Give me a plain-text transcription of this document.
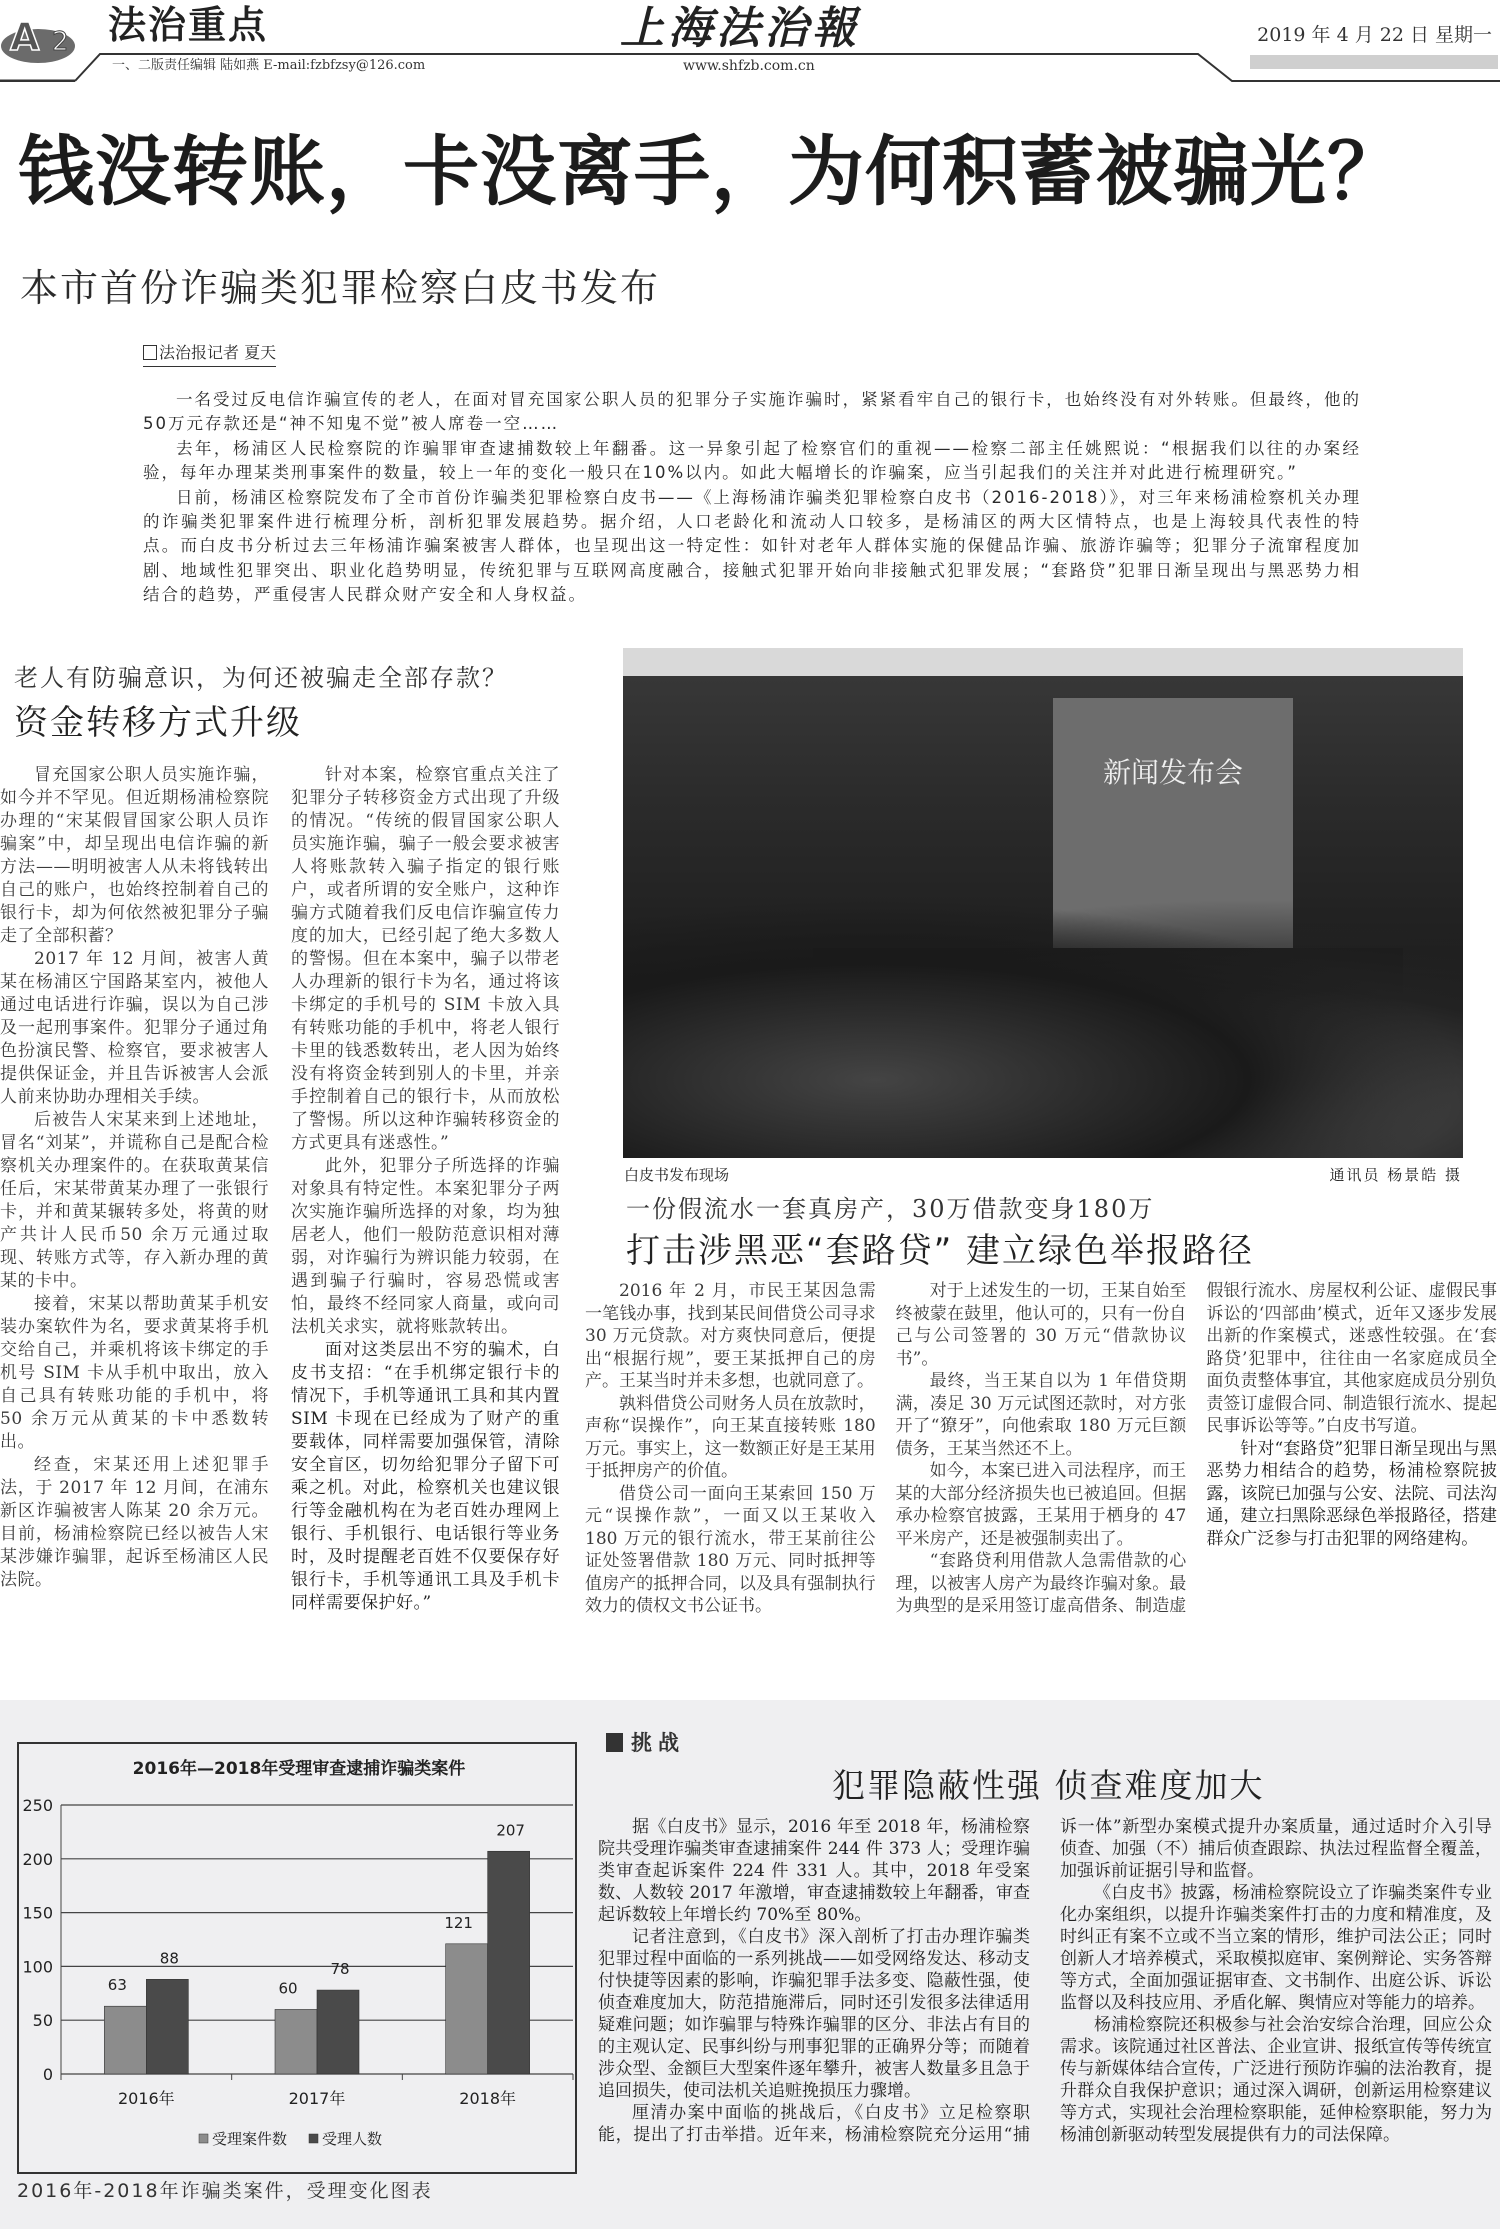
A 2 法治重点	上海法治報	2019 年 4 月 22 日 星期一
一、二版责任编辑 陆如燕 E-mail:fzbfzsy@126.com	www.shfzb.com.cn
钱没转账，卡没离手，为何积蓄被骗光？
本市首份诈骗类犯罪检察白皮书发布
法治报记者 夏天

一名受过反电信诈骗宣传的老人，在面对冒充国家公职人员的犯罪分子实施诈骗时，紧紧看牢自己的银行卡，也始终没有对外转账。但最终，他的50万元存款还是“神不知鬼不觉”被人席卷一空……

去年，杨浦区人民检察院的诈骗罪审查逮捕数较上年翻番。这一异象引起了检察官们的重视——检察二部主任姚熙说：“根据我们以往的办案经验，每年办理某类刑事案件的数量，较上一年的变化一般只在10%以内。如此大幅增长的诈骗案，应当引起我们的关注并对此进行梳理研究。”

日前，杨浦区检察院发布了全市首份诈骗类犯罪检察白皮书——《上海杨浦诈骗类犯罪检察白皮书（2016-2018）》，对三年来杨浦检察机关办理的诈骗类犯罪案件进行梳理分析，剖析犯罪发展趋势。据介绍，人口老龄化和流动人口较多，是杨浦区的两大区情特点，也是上海较具代表性的特点。而白皮书分析过去三年杨浦诈骗案被害人群体，也呈现出这一特定性：如针对老年人群体实施的保健品诈骗、旅游诈骗等；犯罪分子流窜程度加剧、地域性犯罪突出、职业化趋势明显，传统犯罪与互联网高度融合，接触式犯罪开始向非接触式犯罪发展；“套路贷”犯罪日渐呈现出与黑恶势力相结合的趋势，严重侵害人民群众财产安全和人身权益。

老人有防骗意识，为何还被骗走全部存款？
资金转移方式升级

冒充国家公职人员实施诈骗，如今并不罕见。但近期杨浦检察院办理的“宋某假冒国家公职人员诈骗案”中，却呈现出电信诈骗的新方法——明明被害人从未将钱转出自己的账户，也始终控制着自己的银行卡，却为何依然被犯罪分子骗走了全部积蓄？

2017 年 12 月间，被害人黄某在杨浦区宁国路某室内，被他人通过电话进行诈骗，误以为自己涉及一起刑事案件。犯罪分子通过角色扮演民警、检察官，要求被害人提供保证金，并且告诉被害人会派人前来协助办理相关手续。

后被告人宋某来到上述地址，冒名“刘某”，并谎称自己是配合检察机关办理案件的。在获取黄某信任后，宋某带黄某办理了一张银行卡，并和黄某辗转多处，将黄的财产共计人民币50 余万元通过取现、转账方式等，存入新办理的黄某的卡中。

接着，宋某以帮助黄某手机安装办案软件为名，要求黄某将手机交给自己，并乘机将该卡绑定的手机号 SIM 卡从手机中取出，放入自己具有转账功能的手机中，将 50 余万元从黄某的卡中悉数转出。

经查，宋某还用上述犯罪手法，于 2017 年 12 月间，在浦东新区诈骗被害人陈某 20 余万元。目前，杨浦检察院已经以被告人宋某涉嫌诈骗罪，起诉至杨浦区人民法院。

针对本案，检察官重点关注了犯罪分子转移资金方式出现了升级的情况。“传统的假冒国家公职人员实施诈骗，骗子一般会要求被害人将账款转入骗子指定的银行账户，或者所谓的安全账户，这种诈骗方式随着我们反电信诈骗宣传力度的加大，已经引起了绝大多数人的警惕。但在本案中，骗子以带老人办理新的银行卡为名，通过将该卡绑定的手机号的 SIM 卡放入具有转账功能的手机中，将老人银行卡里的钱悉数转出，老人因为始终没有将资金转到别人的卡里，并亲手控制着自己的银行卡，从而放松了警惕。所以这种诈骗转移资金的方式更具有迷惑性。”

此外，犯罪分子所选择的诈骗对象具有特定性。本案犯罪分子两次实施诈骗所选择的对象，均为独居老人，他们一般防范意识相对薄弱，对诈骗行为辨识能力较弱，在遇到骗子行骗时，容易恐慌或害怕，最终不经同家人商量，或向司法机关求实，就将账款转出。

面对这类层出不穷的骗术，白皮书支招：“在手机绑定银行卡的情况下，手机等通讯工具和其内置 SIM 卡现在已经成为了财产的重要载体，同样需要加强保管，清除安全盲区，切勿给犯罪分子留下可乘之机。对此，检察机关也建议银行等金融机构在为老百姓办理网上银行、手机银行、电话银行等业务时，及时提醒老百姓不仅要保存好银行卡，手机等通讯工具及手机卡同样需要保护好。”

新闻发布会
白皮书发布现场	通讯员 杨景皓 摄
一份假流水一套真房产，30万借款变身180万
打击涉黑恶“套路贷” 建立绿色举报路径

2016 年 2 月，市民王某因急需一笔钱办事，找到某民间借贷公司寻求 30 万元贷款。对方爽快同意后，便提出“根据行规”，要王某抵押自己的房产。王某当时并未多想，也就同意了。

孰料借贷公司财务人员在放款时，声称“误操作”，向王某直接转账 180 万元。事实上，这一数额正好是王某用于抵押房产的价值。

借贷公司一面向王某索回 150 万元“误操作款”，一面又以王某收入 180 万元的银行流水，带王某前往公证处签署借款 180 万元、同时抵押等值房产的抵押合同，以及具有强制执行效力的债权文书公证书。

对于上述发生的一切，王某自始至终被蒙在鼓里，他认可的，只有一份自己与公司签署的 30 万元“借款协议书”。

最终，当王某自以为 1 年借贷期满，凑足 30 万元试图还款时，对方张开了“獠牙”，向他索取 180 万元巨额债务，王某当然还不上。

如今，本案已进入司法程序，而王某的大部分经济损失也已被追回。但据承办检察官披露，王某用于栖身的 47 平米房产，还是被强制卖出了。

“套路贷利用借款人急需借款的心理，以被害人房产为最终诈骗对象。最为典型的是采用签订虚高借条、制造虚假银行流水、房屋权利公证、虚假民事诉讼的‘四部曲’模式，近年又逐步发展出新的作案模式，迷惑性较强。在‘套路贷’犯罪中，往往由一名家庭成员全面负责整体事宜，其他家庭成员分别负责签订虚假合同、制造银行流水、提起民事诉讼等等。”白皮书写道。

针对“套路贷”犯罪日渐呈现出与黑恶势力相结合的趋势，杨浦检察院披露，该院已加强与公安、法院、司法沟通，建立扫黑除恶绿色举报路径，搭建群众广泛参与打击犯罪的网络建构。

2016年—2018年受理审查逮捕诈骗类案件
0
50
100
150
200
250
2016年
63
88
2017年
60
78
2018年
121
207
受理案件数 受理人数
2016年-2018年诈骗类案件，受理变化图表
挑战
犯罪隐蔽性强 侦查难度加大

据《白皮书》显示，2016 年至 2018 年，杨浦检察院共受理诈骗类审查逮捕案件 244 件 373 人；受理诈骗类审查起诉案件 224 件 331 人。其中，2018 年受案数、人数较 2017 年激增，审查逮捕数较上年翻番，审查起诉数较上年增长约 70%至 80%。

记者注意到，《白皮书》深入剖析了打击办理诈骗类犯罪过程中面临的一系列挑战——如受网络发达、移动支付快捷等因素的影响，诈骗犯罪手法多变、隐蔽性强，使侦查难度加大，防范措施滞后，同时还引发很多法律适用疑难问题；如诈骗罪与特殊诈骗罪的区分、非法占有目的的主观认定、民事纠纷与刑事犯罪的正确界分等；而随着涉众型、金额巨大型案件逐年攀升，被害人数量多且急于追回损失，使司法机关追赃挽损压力骤增。

厘清办案中面临的挑战后，《白皮书》立足检察职能，提出了打击举措。近年来，杨浦检察院充分运用“捕诉一体”新型办案模式提升办案质量，通过适时介入引导侦查、加强（不）捕后侦查跟踪、执法过程监督全覆盖，加强诉前证据引导和监督。

《白皮书》披露，杨浦检察院设立了诈骗类案件专业化办案组织，以提升诈骗类案件打击的力度和精准度，及时纠正有案不立或不当立案的情形，维护司法公正；同时创新人才培养模式，采取模拟庭审、案例辩论、实务答辩等方式，全面加强证据审查、文书制作、出庭公诉、诉讼监督以及科技应用、矛盾化解、舆情应对等能力的培养。

杨浦检察院还积极参与社会治安综合治理，回应公众需求。该院通过社区普法、企业宣讲、报纸宣传等传统宣传与新媒体结合宣传，广泛进行预防诈骗的法治教育，提升群众自我保护意识；通过深入调研，创新运用检察建议等方式，实现社会治理检察职能，延伸检察职能，努力为杨浦创新驱动转型发展提供有力的司法保障。
